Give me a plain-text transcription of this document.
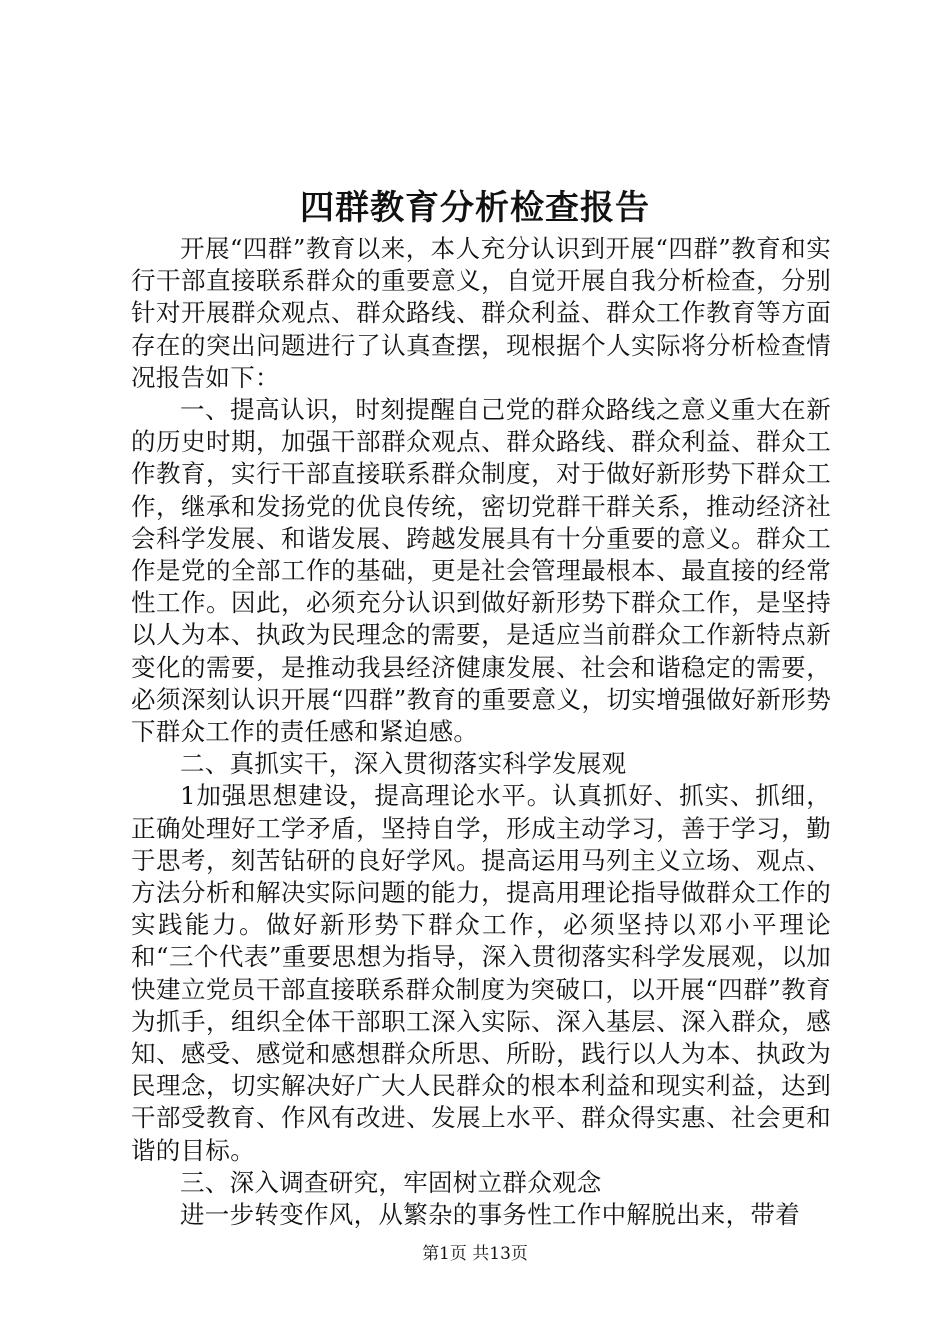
四群教育分析检查报告

开展“四群”教育以来，本人充分认识到开展“四群”教育和实行干部直接联系群众的重要意义，自觉开展自我分析检查，分别针对开展群众观点、群众路线、群众利益、群众工作教育等方面存在的突出问题进行了认真查摆，现根据个人实际将分析检查情况报告如下：

一、提高认识，时刻提醒自己党的群众路线之意义重大在新的历史时期，加强干部群众观点、群众路线、群众利益、群众工作教育，实行干部直接联系群众制度，对于做好新形势下群众工作，继承和发扬党的优良传统，密切党群干群关系，推动经济社会科学发展、和谐发展、跨越发展具有十分重要的意义。群众工作是党的全部工作的基础，更是社会管理最根本、最直接的经常性工作。因此，必须充分认识到做好新形势下群众工作，是坚持以人为本、执政为民理念的需要，是适应当前群众工作新特点新变化的需要，是推动我县经济健康发展、社会和谐稳定的需要，必须深刻认识开展“四群”教育的重要意义，切实增强做好新形势下群众工作的责任感和紧迫感。

二、真抓实干，深入贯彻落实科学发展观

1加强思想建设，提高理论水平。认真抓好、抓实、抓细，正确处理好工学矛盾，坚持自学，形成主动学习，善于学习，勤于思考，刻苦钻研的良好学风。提高运用马列主义立场、观点、方法分析和解决实际问题的能力，提高用理论指导做群众工作的实践能力。做好新形势下群众工作，必须坚持以邓小平理论和“三个代表”重要思想为指导，深入贯彻落实科学发展观，以加快建立党员干部直接联系群众制度为突破口，以开展“四群”教育为抓手，组织全体干部职工深入实际、深入基层、深入群众，感知、感受、感觉和感想群众所思、所盼，践行以人为本、执政为民理念，切实解决好广大人民群众的根本利益和现实利益，达到干部受教育、作风有改进、发展上水平、群众得实惠、社会更和谐的目标。

三、深入调查研究，牢固树立群众观念

进一步转变作风，从繁杂的事务性工作中解脱出来，带着

第1页 共13页
